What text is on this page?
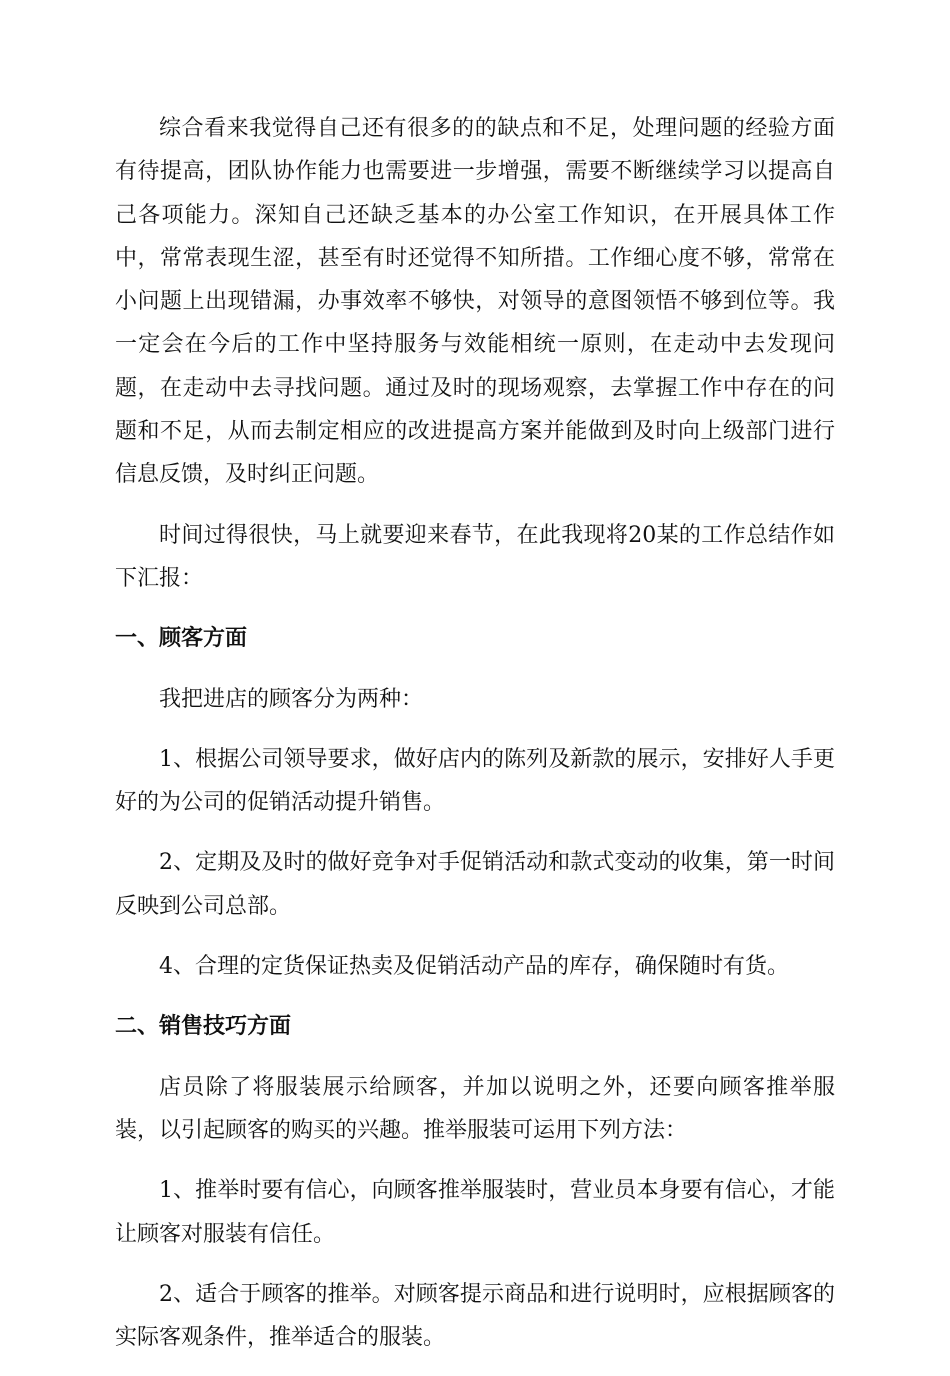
综合看来我觉得自己还有很多的的缺点和不足，处理问题的经验方面有待提高，团队协作能力也需要进一步增强，需要不断继续学习以提高自己各项能力。深知自己还缺乏基本的办公室工作知识，在开展具体工作中，常常表现生涩，甚至有时还觉得不知所措。工作细心度不够，常常在小问题上出现错漏，办事效率不够快，对领导的意图领悟不够到位等。我一定会在今后的工作中坚持服务与效能相统一原则，在走动中去发现问题，在走动中去寻找问题。通过及时的现场观察，去掌握工作中存在的问题和不足，从而去制定相应的改进提高方案并能做到及时向上级部门进行信息反馈，及时纠正问题。

时间过得很快，马上就要迎来春节，在此我现将20某的工作总结作如下汇报：

一、顾客方面

我把进店的顾客分为两种：

1、根据公司领导要求，做好店内的陈列及新款的展示，安排好人手更好的为公司的促销活动提升销售。

2、定期及及时的做好竞争对手促销活动和款式变动的收集，第一时间反映到公司总部。

4、合理的定货保证热卖及促销活动产品的库存，确保随时有货。

二、销售技巧方面

店员除了将服装展示给顾客，并加以说明之外，还要向顾客推举服装，以引起顾客的购买的兴趣。推举服装可运用下列方法：

1、推举时要有信心，向顾客推举服装时，营业员本身要有信心，才能让顾客对服装有信任。

2、适合于顾客的推举。对顾客提示商品和进行说明时，应根据顾客的实际客观条件，推举适合的服装。
